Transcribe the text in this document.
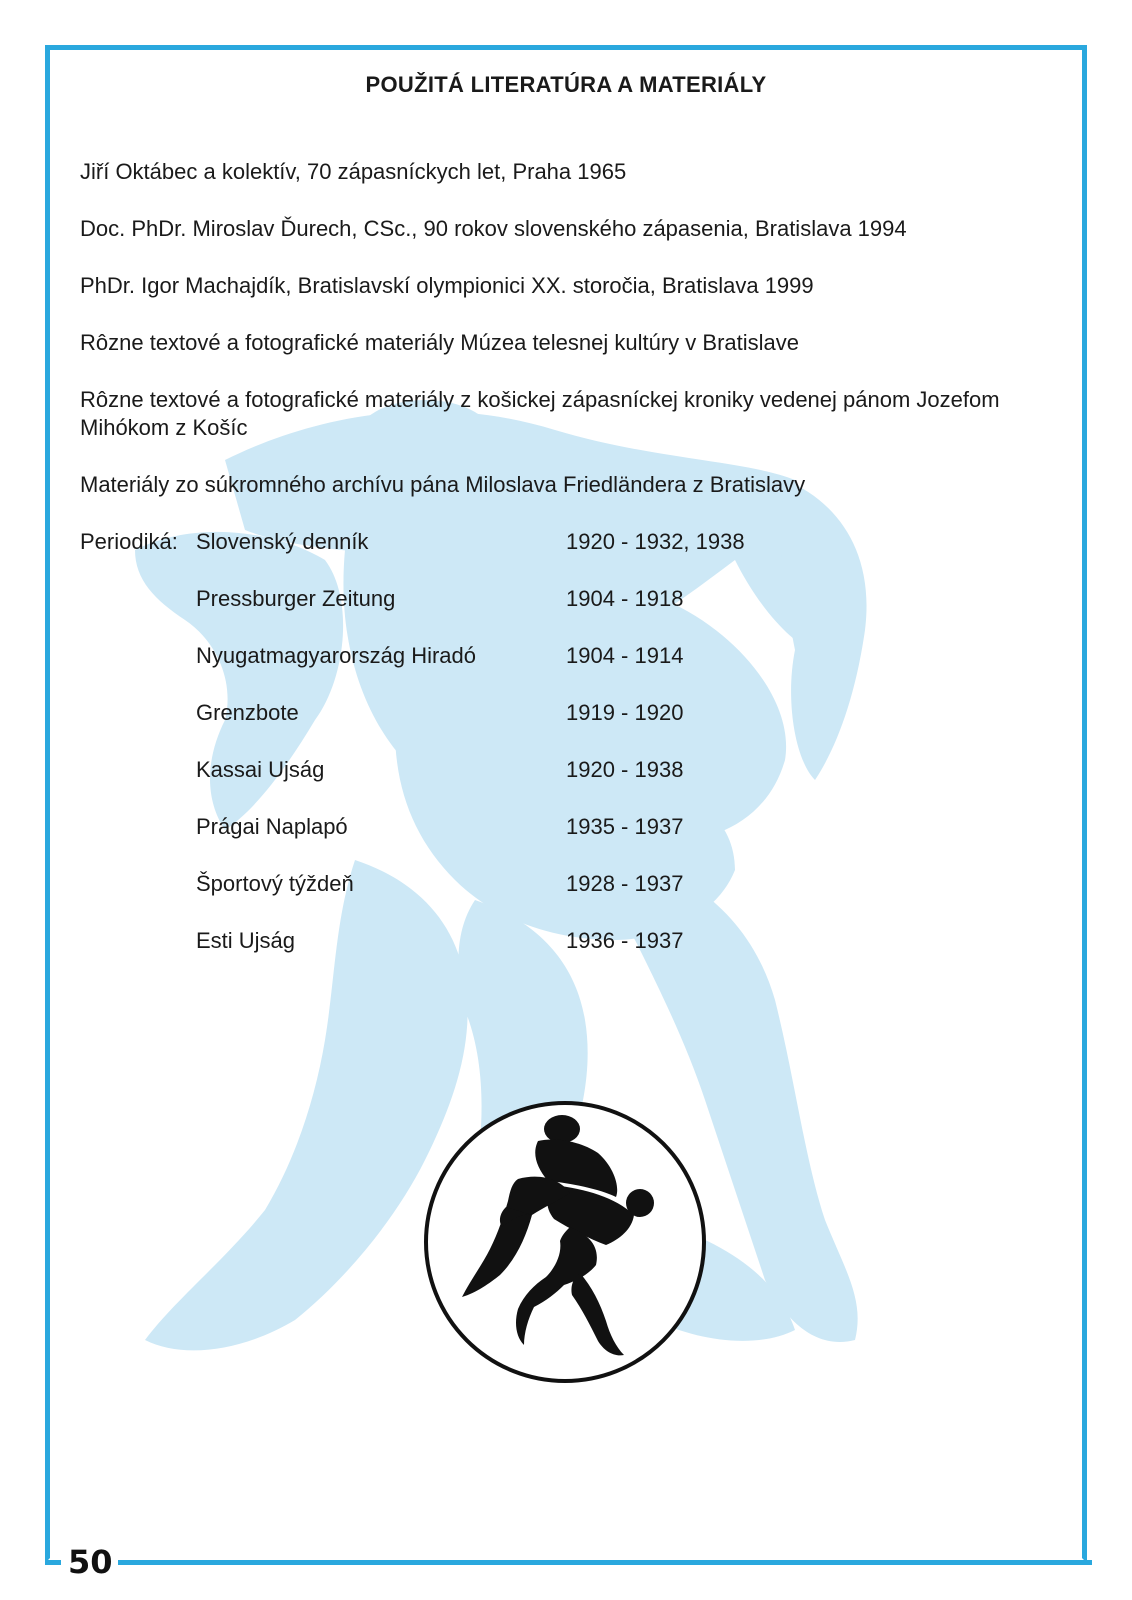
50
POUŽITÁ LITERATÚRA A MATERIÁLY
Jiří Oktábec a kolektív, 70 zápasníckych let, Praha 1965
Doc. PhDr. Miroslav Ďurech, CSc., 90 rokov slovenského zápasenia, Bratislava 1994
PhDr. Igor Machajdík, Bratislavskí olympionici XX. storočia, Bratislava 1999
Rôzne textové a fotografické materiály Múzea telesnej kultúry v Bratislave
Rôzne textové a fotografické materiály z košickej zápasníckej kroniky vedenej pánom Jozefom Mihókom z Košíc
Materiály zo súkromného archívu pána Miloslava Friedländera z Bratislavy
Periodiká: Slovenský denník	1920 - 1932, 1938
Pressburger Zeitung	1904 - 1918
Nyugatmagyarország Hiradó	1904 - 1914
Grenzbote	1919 - 1920
Kassai Ujság	1920 - 1938
Prágai Naplapó	1935 - 1937
Športový týždeň	1928 - 1937
Esti Ujság	1936 - 1937
